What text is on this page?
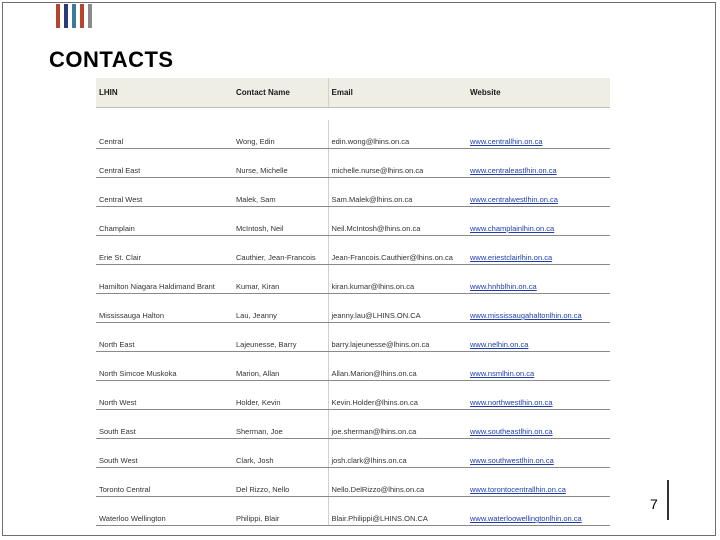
CONTACTS
LHIN	Contact Name	Email	Website

Central	Wong, Edin	edin.wong@lhins.on.ca	www.centrallhin.on.ca
Central East	Nurse, Michelle	michelle.nurse@lhins.on.ca	www.centraleastlhin.on.ca
Central West	Malek, Sam	Sam.Malek@lhins.on.ca	www.centralwestlhin.on.ca
Champlain	McIntosh, Neil	Neil.McIntosh@lhins.on.ca	www.champlainlhin.on.ca
Erie St. Clair	Cauthier, Jean-Francois	Jean-Francois.Cauthier@lhins.on.ca	www.eriestclairlhin.on.ca
Hamilton Niagara Haldimand Brant	Kumar, Kiran	kiran.kumar@lhins.on.ca	www.hnhblhin.on.ca
Mississauga Halton	Lau, Jeanny	jeanny.lau@LHINS.ON.CA	www.mississaugahaltonlhin.on.ca
North East	Lajeunesse, Barry	barry.lajeunesse@lhins.on.ca	www.nelhin.on.ca
North Simcoe Muskoka	Marion, Allan	Allan.Marion@lhins.on.ca	www.nsmlhin.on.ca
North West	Holder, Kevin	Kevin.Holder@lhins.on.ca	www.northwestlhin.on.ca
South East	Sherman, Joe	joe.sherman@lhins.on.ca	www.southeastlhin.on.ca
South West	Clark, Josh	josh.clark@lhins.on.ca	www.southwestlhin.on.ca
Toronto Central	Del Rizzo, Nello	Nello.DelRizzo@lhins.on.ca	www.torontocentrallhin.on.ca
Waterloo Wellington	Philippi, Blair	Blair.Philippi@LHINS.ON.CA	www.waterloowellingtonlhin.on.ca
7
